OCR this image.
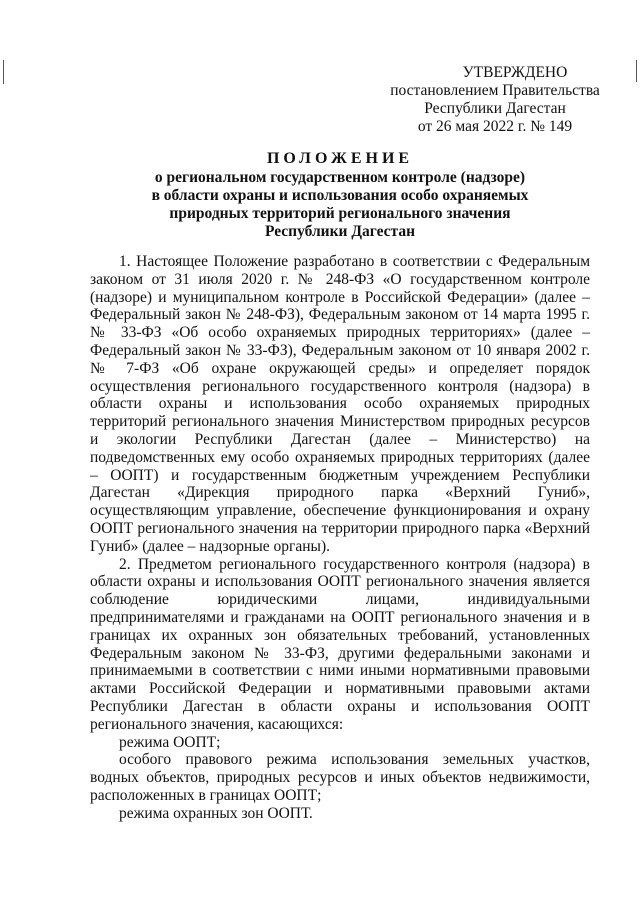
УТВЕРЖДЕНО
постановлением Правительства
Республики Дагестан
от 26 мая 2022 г. № 149
ПОЛОЖЕНИЕ
о региональном государственном контроле (надзоре)
в области охраны и использования особо охраняемых
природных территорий регионального значения
Республики Дагестан

1. Настоящее Положение разработано в соответствии с Федеральным законом от 31 июля 2020 г. № 248-ФЗ «О государственном контроле (надзоре) и муниципальном контроле в Российской Федерации» (далее – Федеральный закон № 248-ФЗ), Федеральным законом от 14 марта 1995 г. № 33-ФЗ «Об особо охраняемых природных территориях» (далее – Федеральный закон № 33-ФЗ), Федеральным законом от 10 января 2002 г. № 7-ФЗ «Об охране окружающей среды» и определяет порядок осуществления регионального государственного контроля (надзора) в области охраны и использования особо охраняемых природных территорий регионального значения Министерством природных ресурсов и экологии Республики Дагестан (далее – Министерство) на подведомственных ему особо охраняемых природных территориях (далее – ООПТ) и государственным бюджетным учреждением Республики Дагестан «Дирекция природного парка «Верхний Гуниб», осуществляющим управление, обеспечение функционирования и охрану ООПТ регионального значения на территории природного парка «Верхний Гуниб» (далее – надзорные органы).

2. Предметом регионального государственного контроля (надзора) в области охраны и использования ООПТ регионального значения является соблюдение юридическими лицами, индивидуальными предпринимателями и гражданами на ООПТ регионального значения и в границах их охранных зон обязательных требований, установленных Федеральным законом № 33-ФЗ, другими федеральными законами и принимаемыми в соответствии с ними иными нормативными правовыми актами Российской Федерации и нормативными правовыми актами Республики Дагестан в области охраны и использования ООПТ регионального значения, касающихся:

режима ООПТ;

особого правового режима использования земельных участков, водных объектов, природных ресурсов и иных объектов недвижимости, расположенных в границах ООПТ;

режима охранных зон ООПТ.
